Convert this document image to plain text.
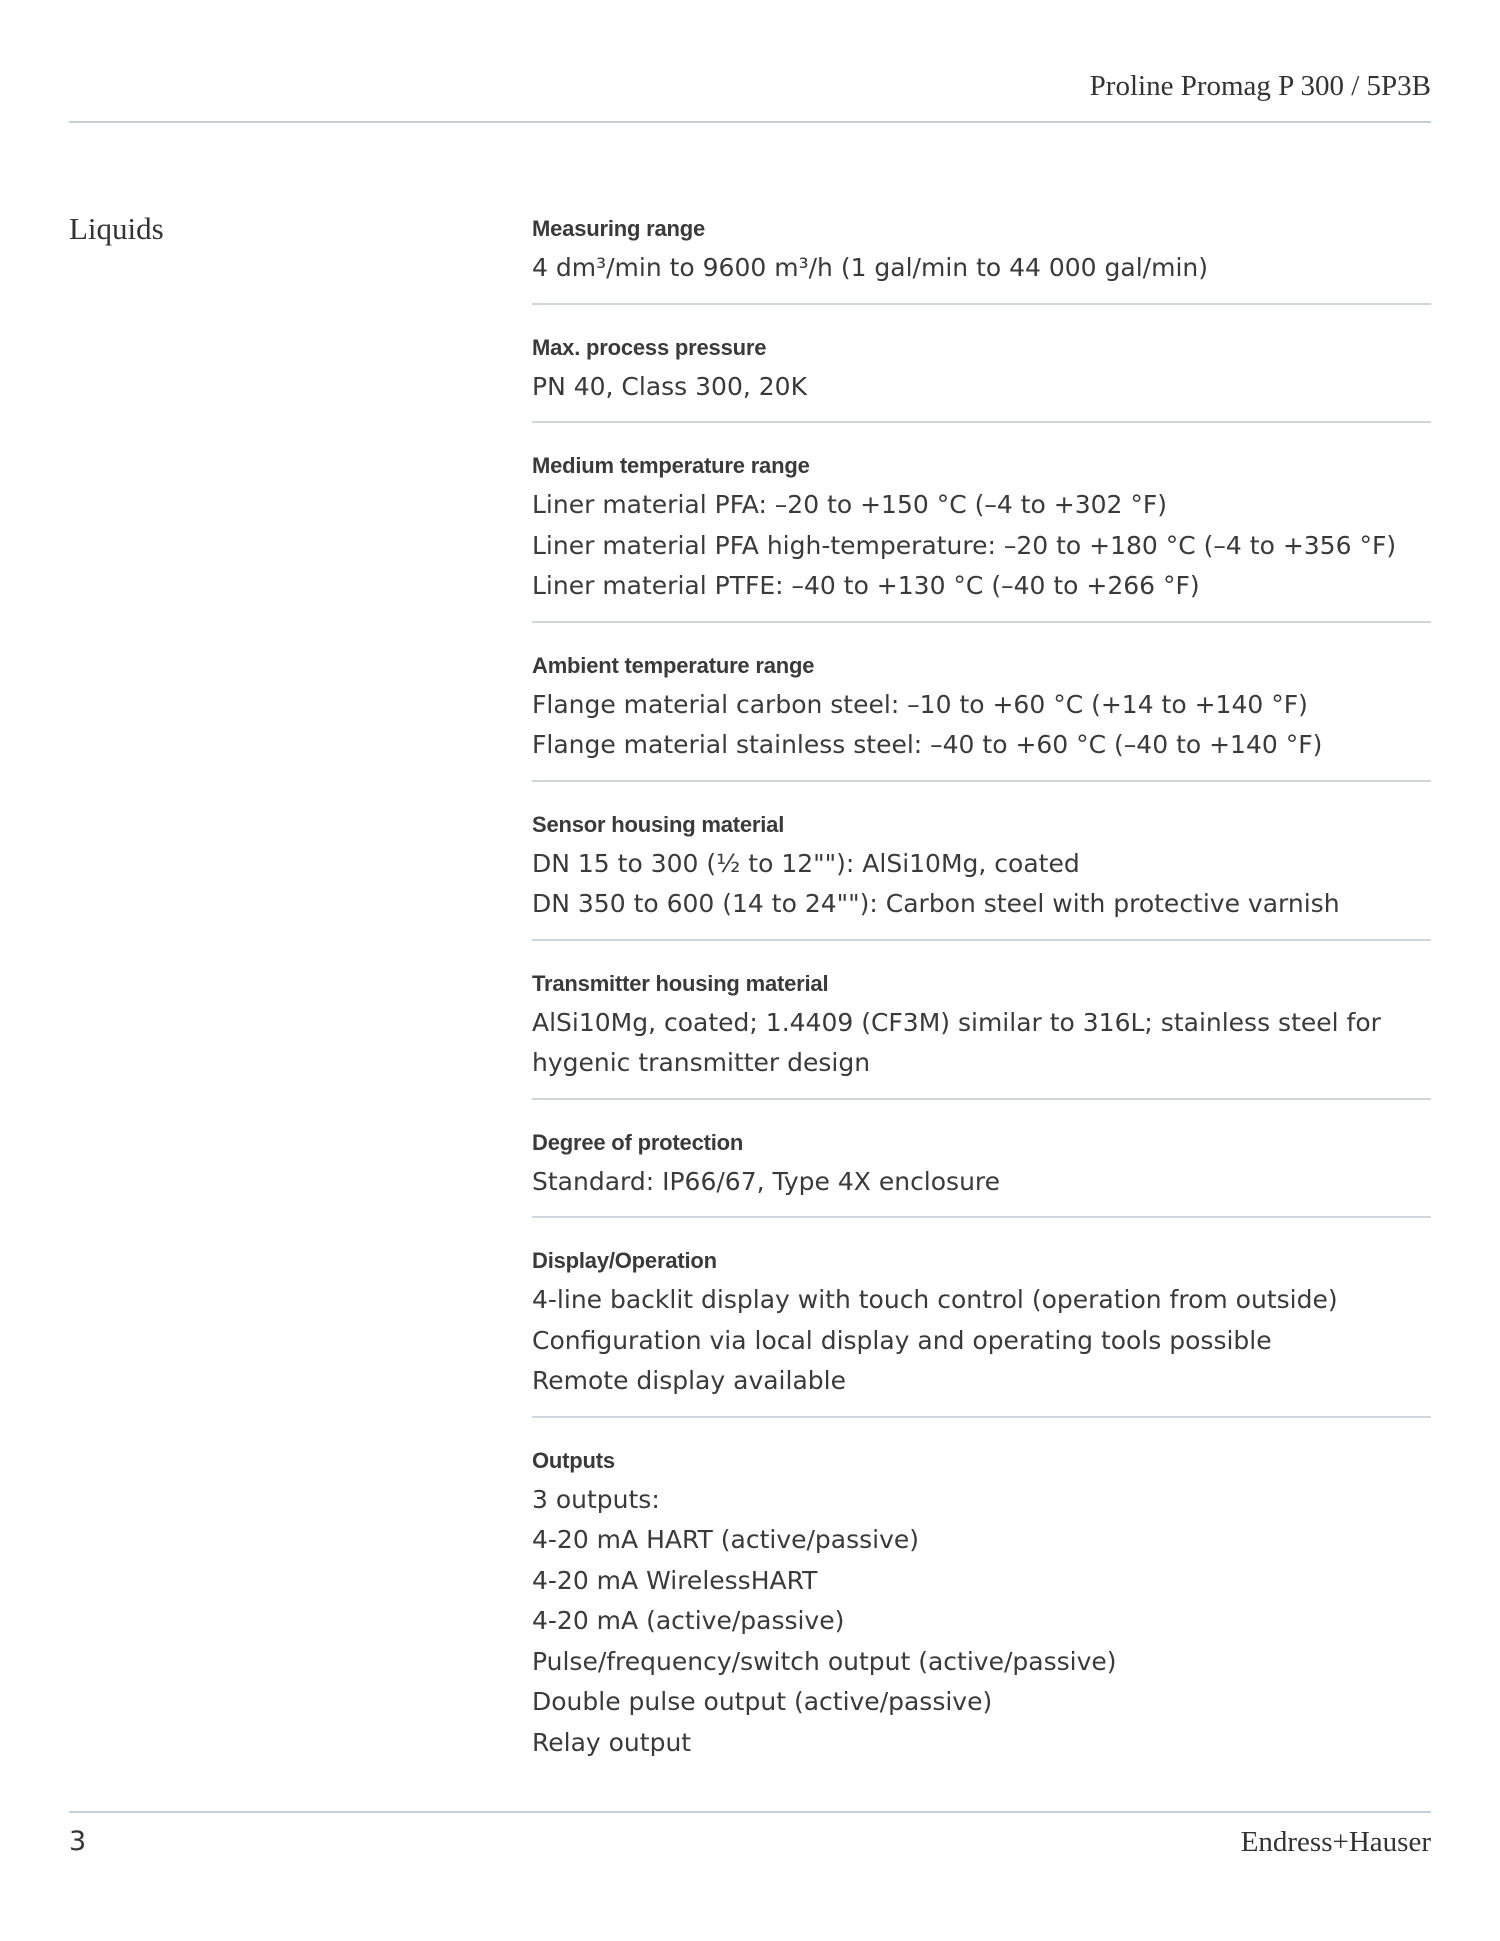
Proline Promag P 300 / 5P3B
Liquids	Measuring range
4 dm³/min to 9600 m³/h (1 gal/min to 44 000 gal/min)
Max. process pressure
PN 40, Class 300, 20K
Medium temperature range
Liner material PFA: –20 to +150 °C (–4 to +302 °F)
Liner material PFA high-temperature: –20 to +180 °C (–4 to +356 °F)
Liner material PTFE: –40 to +130 °C (–40 to +266 °F)
Ambient temperature range
Flange material carbon steel: –10 to +60 °C (+14 to +140 °F)
Flange material stainless steel: –40 to +60 °C (–40 to +140 °F)
Sensor housing material
DN 15 to 300 (½ to 12""): AlSi10Mg, coated
DN 350 to 600 (14 to 24""): Carbon steel with protective varnish
Transmitter housing material
AlSi10Mg, coated; 1.4409 (CF3M) similar to 316L; stainless steel for hygenic transmitter design
Degree of protection
Standard: IP66/67, Type 4X enclosure
Display/Operation
4-line backlit display with touch control (operation from outside)
Configuration via local display and operating tools possible
Remote display available
Outputs
3 outputs:
4-20 mA HART (active/passive)
4-20 mA WirelessHART
4-20 mA (active/passive)
Pulse/frequency/switch output (active/passive)
Double pulse output (active/passive)
Relay output
3	Endress+Hauser
